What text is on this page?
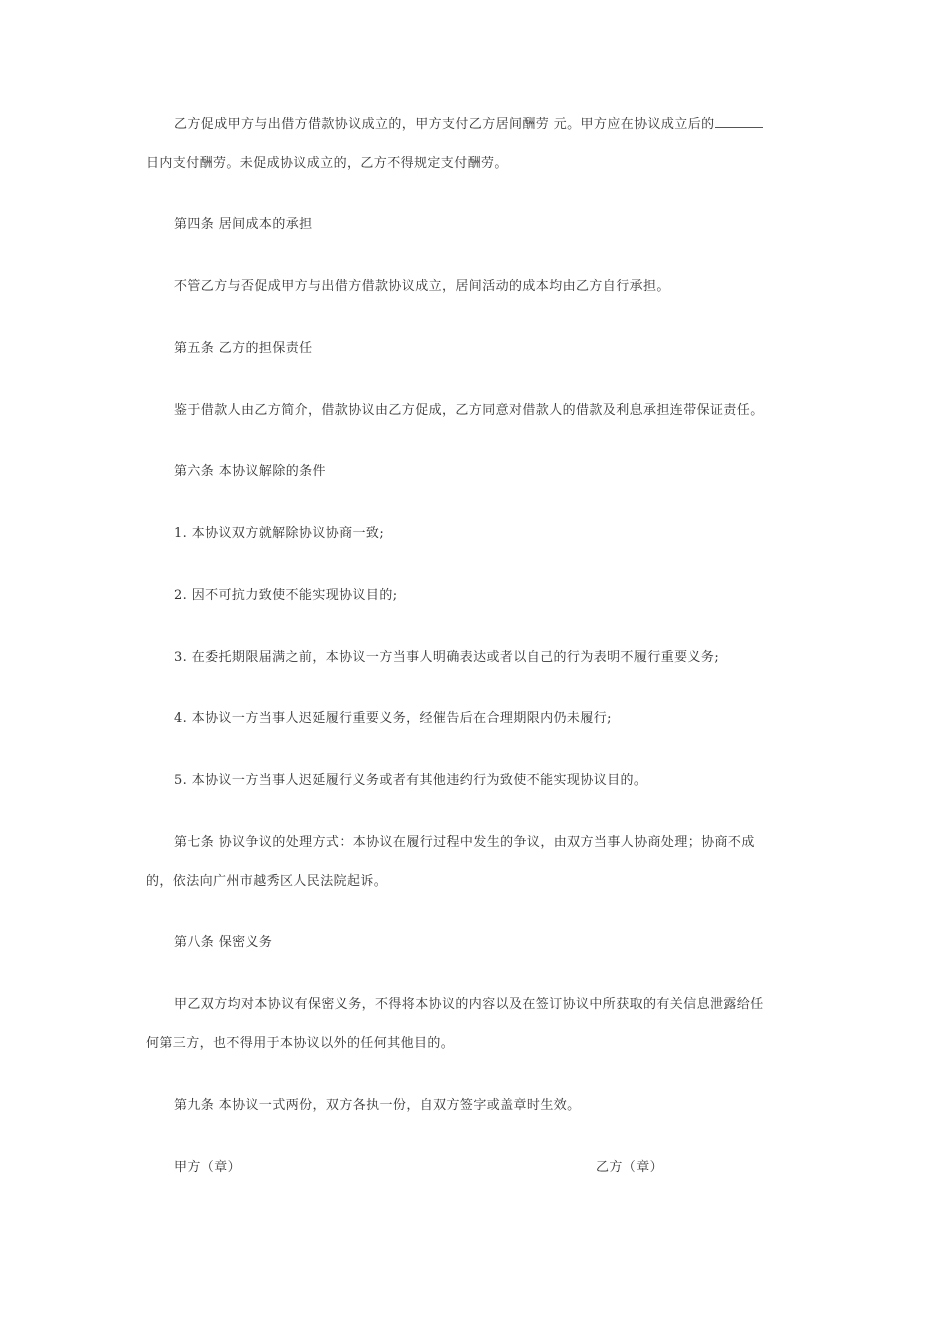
乙方促成甲方与出借方借款协议成立的，甲方支付乙方居间酬劳 元。甲方应在协议成立后的
日内支付酬劳。未促成协议成立的，乙方不得规定支付酬劳。
第四条 居间成本的承担
不管乙方与否促成甲方与出借方借款协议成立，居间活动的成本均由乙方自行承担。
第五条 乙方的担保责任
鉴于借款人由乙方简介，借款协议由乙方促成，乙方同意对借款人的借款及利息承担连带保证责任。
第六条 本协议解除的条件
1. 本协议双方就解除协议协商一致;
2. 因不可抗力致使不能实现协议目的;
3. 在委托期限届满之前，本协议一方当事人明确表达或者以自己的行为表明不履行重要义务;
4. 本协议一方当事人迟延履行重要义务，经催告后在合理期限内仍未履行;
5. 本协议一方当事人迟延履行义务或者有其他违约行为致使不能实现协议目的。
第七条 协议争议的处理方式：本协议在履行过程中发生的争议，由双方当事人协商处理；协商不成
的，依法向广州市越秀区人民法院起诉。
第八条 保密义务
甲乙双方均对本协议有保密义务，不得将本协议的内容以及在签订协议中所获取的有关信息泄露给任
何第三方，也不得用于本协议以外的任何其他目的。
第九条 本协议一式两份，双方各执一份，自双方签字或盖章时生效。
甲方（章）	乙方（章）
